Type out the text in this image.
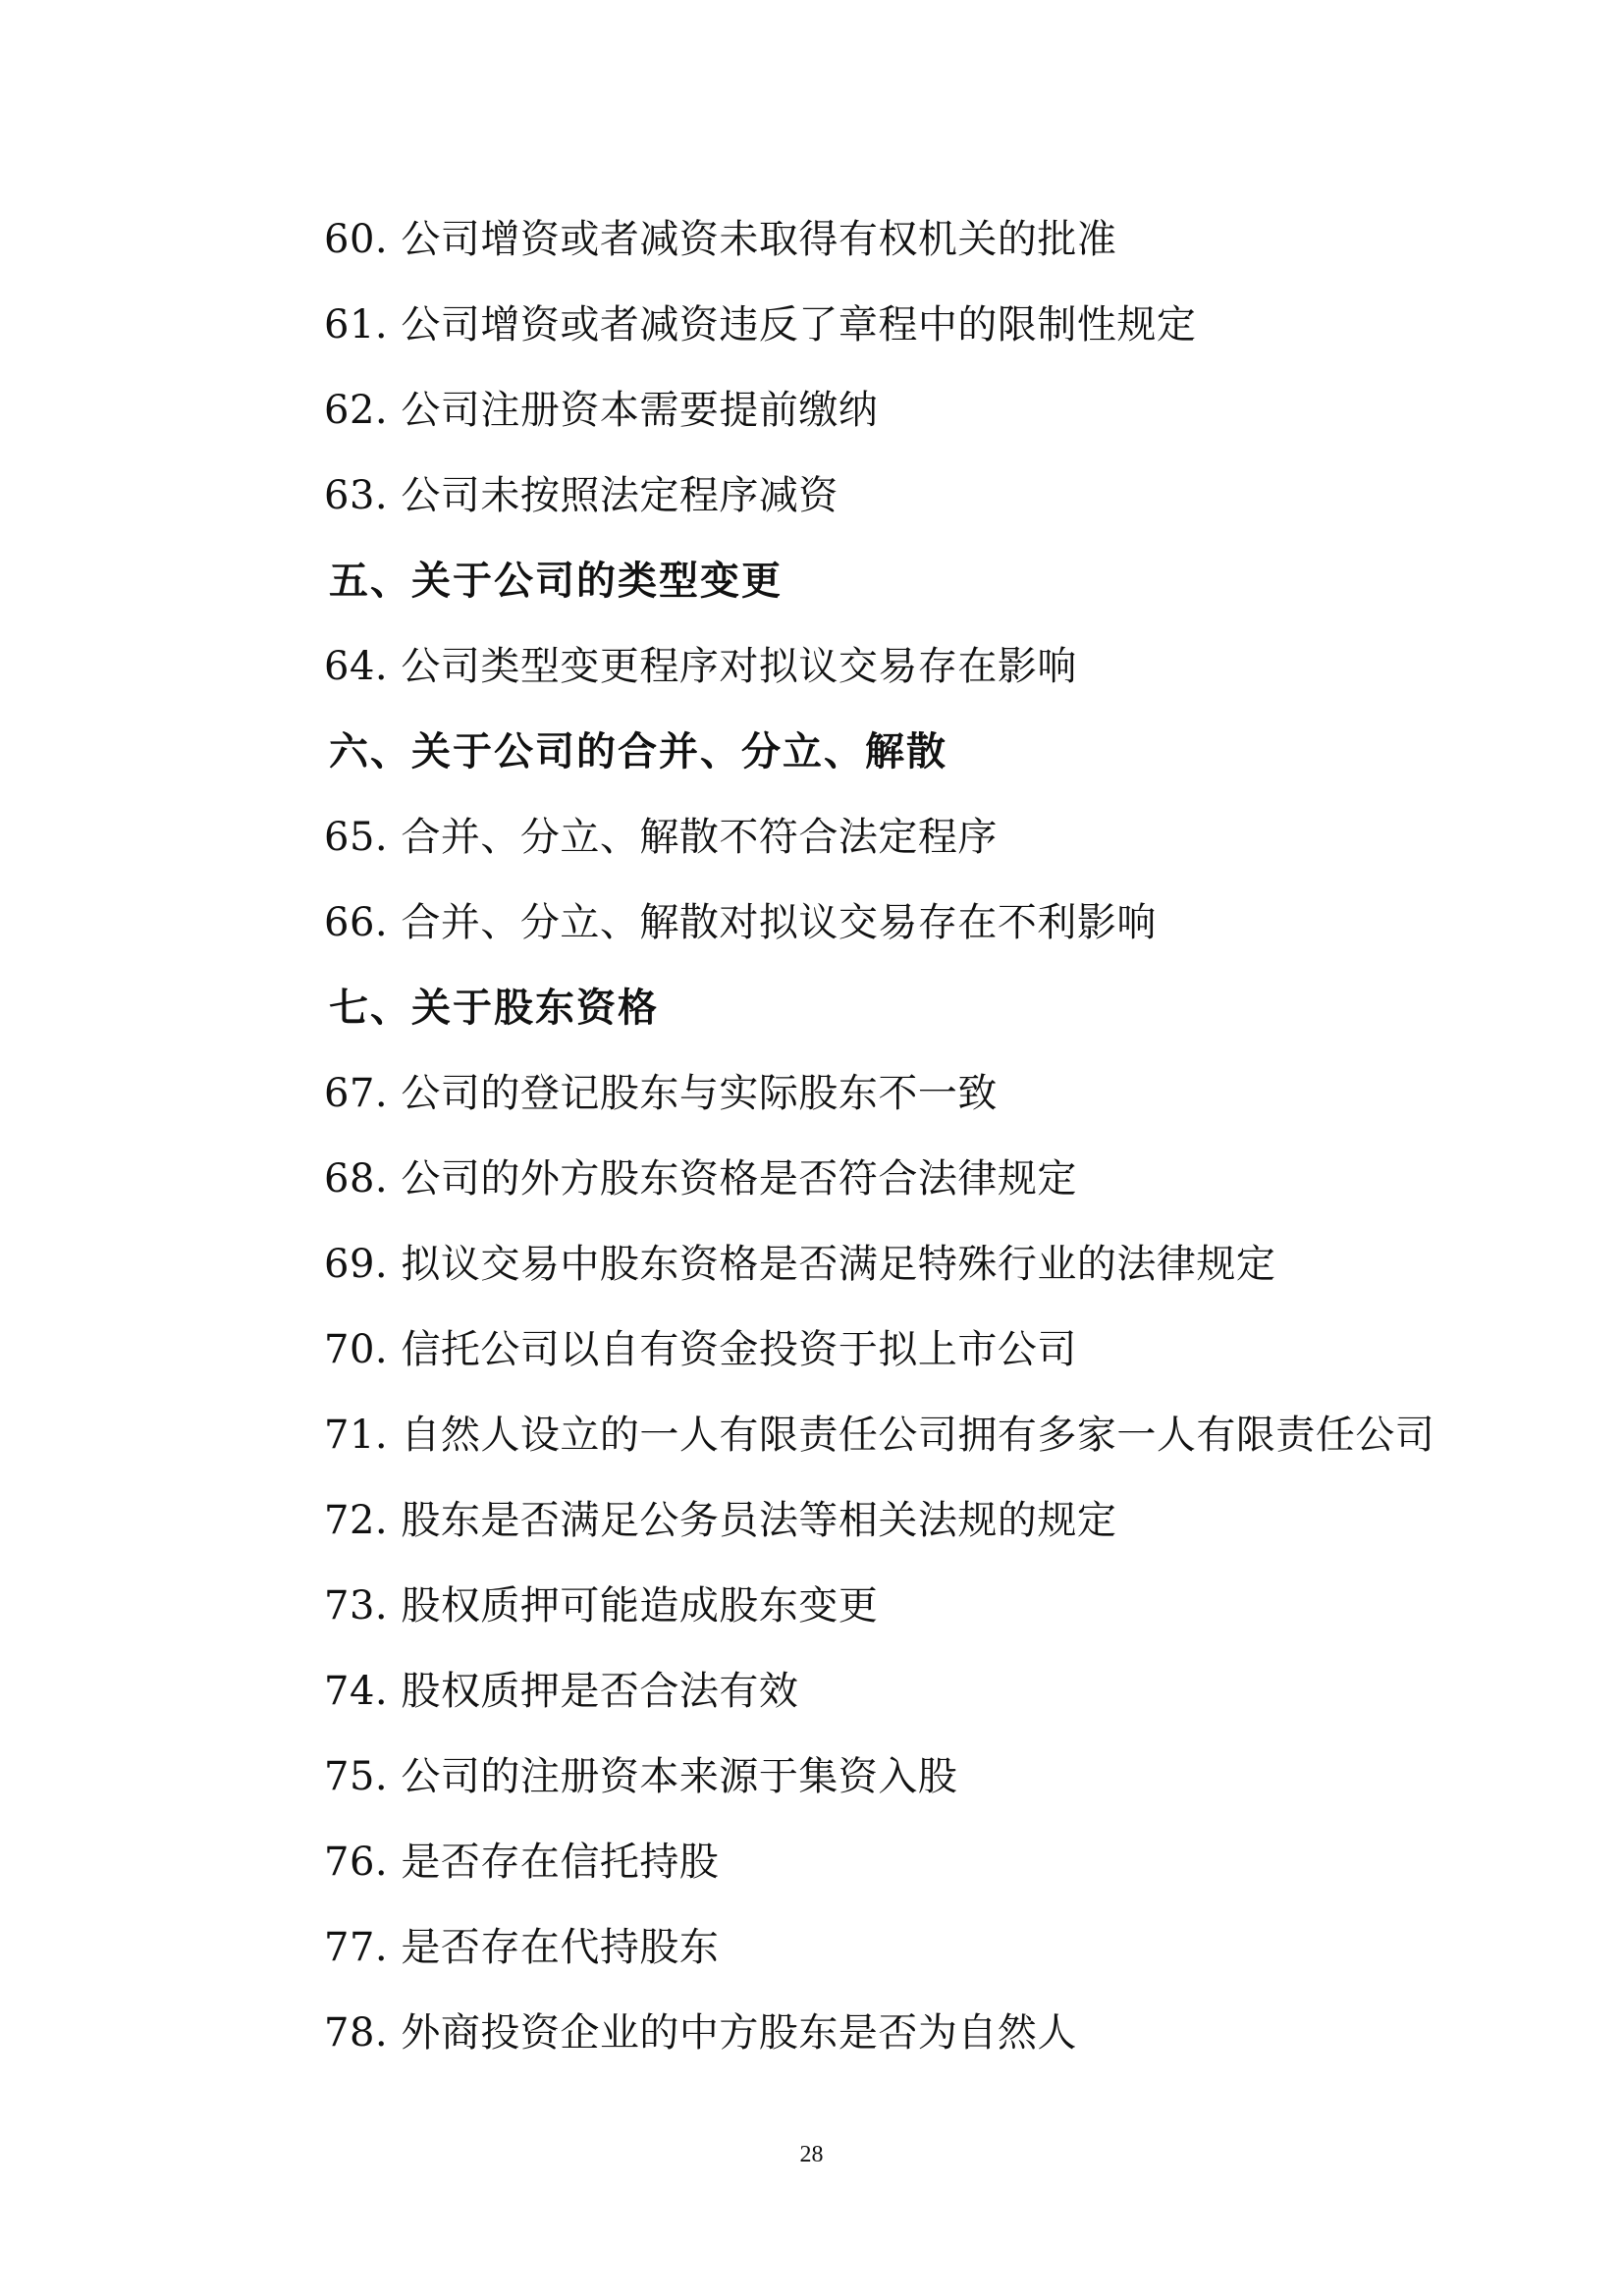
60. 公司增资或者减资未取得有权机关的批准
61. 公司增资或者减资违反了章程中的限制性规定
62. 公司注册资本需要提前缴纳
63. 公司未按照法定程序减资
五、关于公司的类型变更
64. 公司类型变更程序对拟议交易存在影响
六、关于公司的合并、分立、解散
65. 合并、分立、解散不符合法定程序
66. 合并、分立、解散对拟议交易存在不利影响
七、关于股东资格
67. 公司的登记股东与实际股东不一致
68. 公司的外方股东资格是否符合法律规定
69. 拟议交易中股东资格是否满足特殊行业的法律规定
70. 信托公司以自有资金投资于拟上市公司
71. 自然人设立的一人有限责任公司拥有多家一人有限责任公司
72. 股东是否满足公务员法等相关法规的规定
73. 股权质押可能造成股东变更
74. 股权质押是否合法有效
75. 公司的注册资本来源于集资入股
76. 是否存在信托持股
77. 是否存在代持股东
78. 外商投资企业的中方股东是否为自然人
28
